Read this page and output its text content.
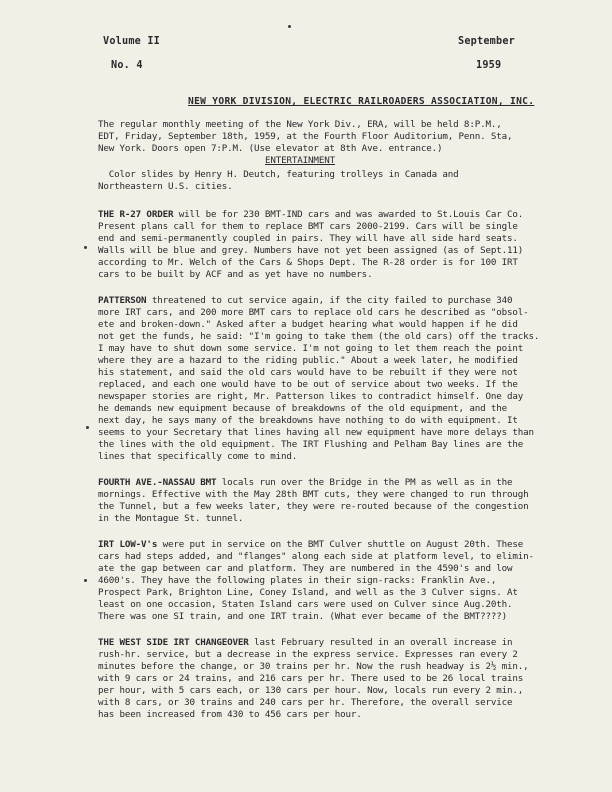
Volume II	September
No. 4	1959
NEW YORK DIVISION, ELECTRIC RAILROADERS ASSOCIATION, INC.
The regular monthly meeting of the New York Div., ERA, will be held 8:P.M.,
EDT, Friday, September 18th, 1959, at the Fourth Floor Auditorium, Penn. Sta,
New York. Doors open 7:P.M. (Use elevator at 8th Ave. entrance.)
ENTERTAINMENT
Color slides by Henry H. Deutch, featuring trolleys in Canada and
Northeastern U.S. cities.
THE R-27 ORDER will be for 230 BMT-IND cars and was awarded to St.Louis Car Co.
Present plans call for them to replace BMT cars 2000-2199. Cars will be single
end and semi-permanently coupled in pairs. They will have all side hard seats.
Walls will be blue and grey. Numbers have not yet been assigned (as of Sept.11)
according to Mr. Welch of the Cars & Shops Dept. The R-28 order is for 100 IRT
cars to be built by ACF and as yet have no numbers.
PATTERSON threatened to cut service again, if the city failed to purchase 340
more IRT cars, and 200 more BMT cars to replace old cars he described as "obsol-
ete and broken-down." Asked after a budget hearing what would happen if he did
not get the funds, he said: "I'm going to take them (the old cars) off the tracks.
I may have to shut down some service. I'm not going to let them reach the point
where they are a hazard to the riding public." About a week later, he modified
his statement, and said the old cars would have to be rebuilt if they were not
replaced, and each one would have to be out of service about two weeks. If the
newspaper stories are right, Mr. Patterson likes to contradict himself. One day
he demands new equipment because of breakdowns of the old equipment, and the
next day, he says many of the breakdowns have nothing to do with equipment. It
seems to your Secretary that lines having all new equipment have more delays than
the lines with the old equipment. The IRT Flushing and Pelham Bay lines are the
lines that specifically come to mind.
FOURTH AVE.-NASSAU BMT locals run over the Bridge in the PM as well as in the
mornings. Effective with the May 28th BMT cuts, they were changed to run through
the Tunnel, but a few weeks later, they were re-routed because of the congestion
in the Montague St. tunnel.
IRT LOW-V's were put in service on the BMT Culver shuttle on August 20th. These
cars had steps added, and "flanges" along each side at platform level, to elimin-
ate the gap between car and platform. They are numbered in the 4590's and low
4600's. They have the following plates in their sign-racks: Franklin Ave.,
Prospect Park, Brighton Line, Coney Island, and well as the 3 Culver signs. At
least on one occasion, Staten Island cars were used on Culver since Aug.20th.
There was one SI train, and one IRT train. (What ever became of the BMT????)
THE WEST SIDE IRT CHANGEOVER last February resulted in an overall increase in
rush-hr. service, but a decrease in the express service. Expresses ran every 2
minutes before the change, or 30 trains per hr. Now the rush headway is 2½ min.,
with 9 cars or 24 trains, and 216 cars per hr. There used to be 26 local trains
per hour, with 5 cars each, or 130 cars per hour. Now, locals run every 2 min.,
with 8 cars, or 30 trains and 240 cars per hr. Therefore, the overall service
has been increased from 430 to 456 cars per hour.
